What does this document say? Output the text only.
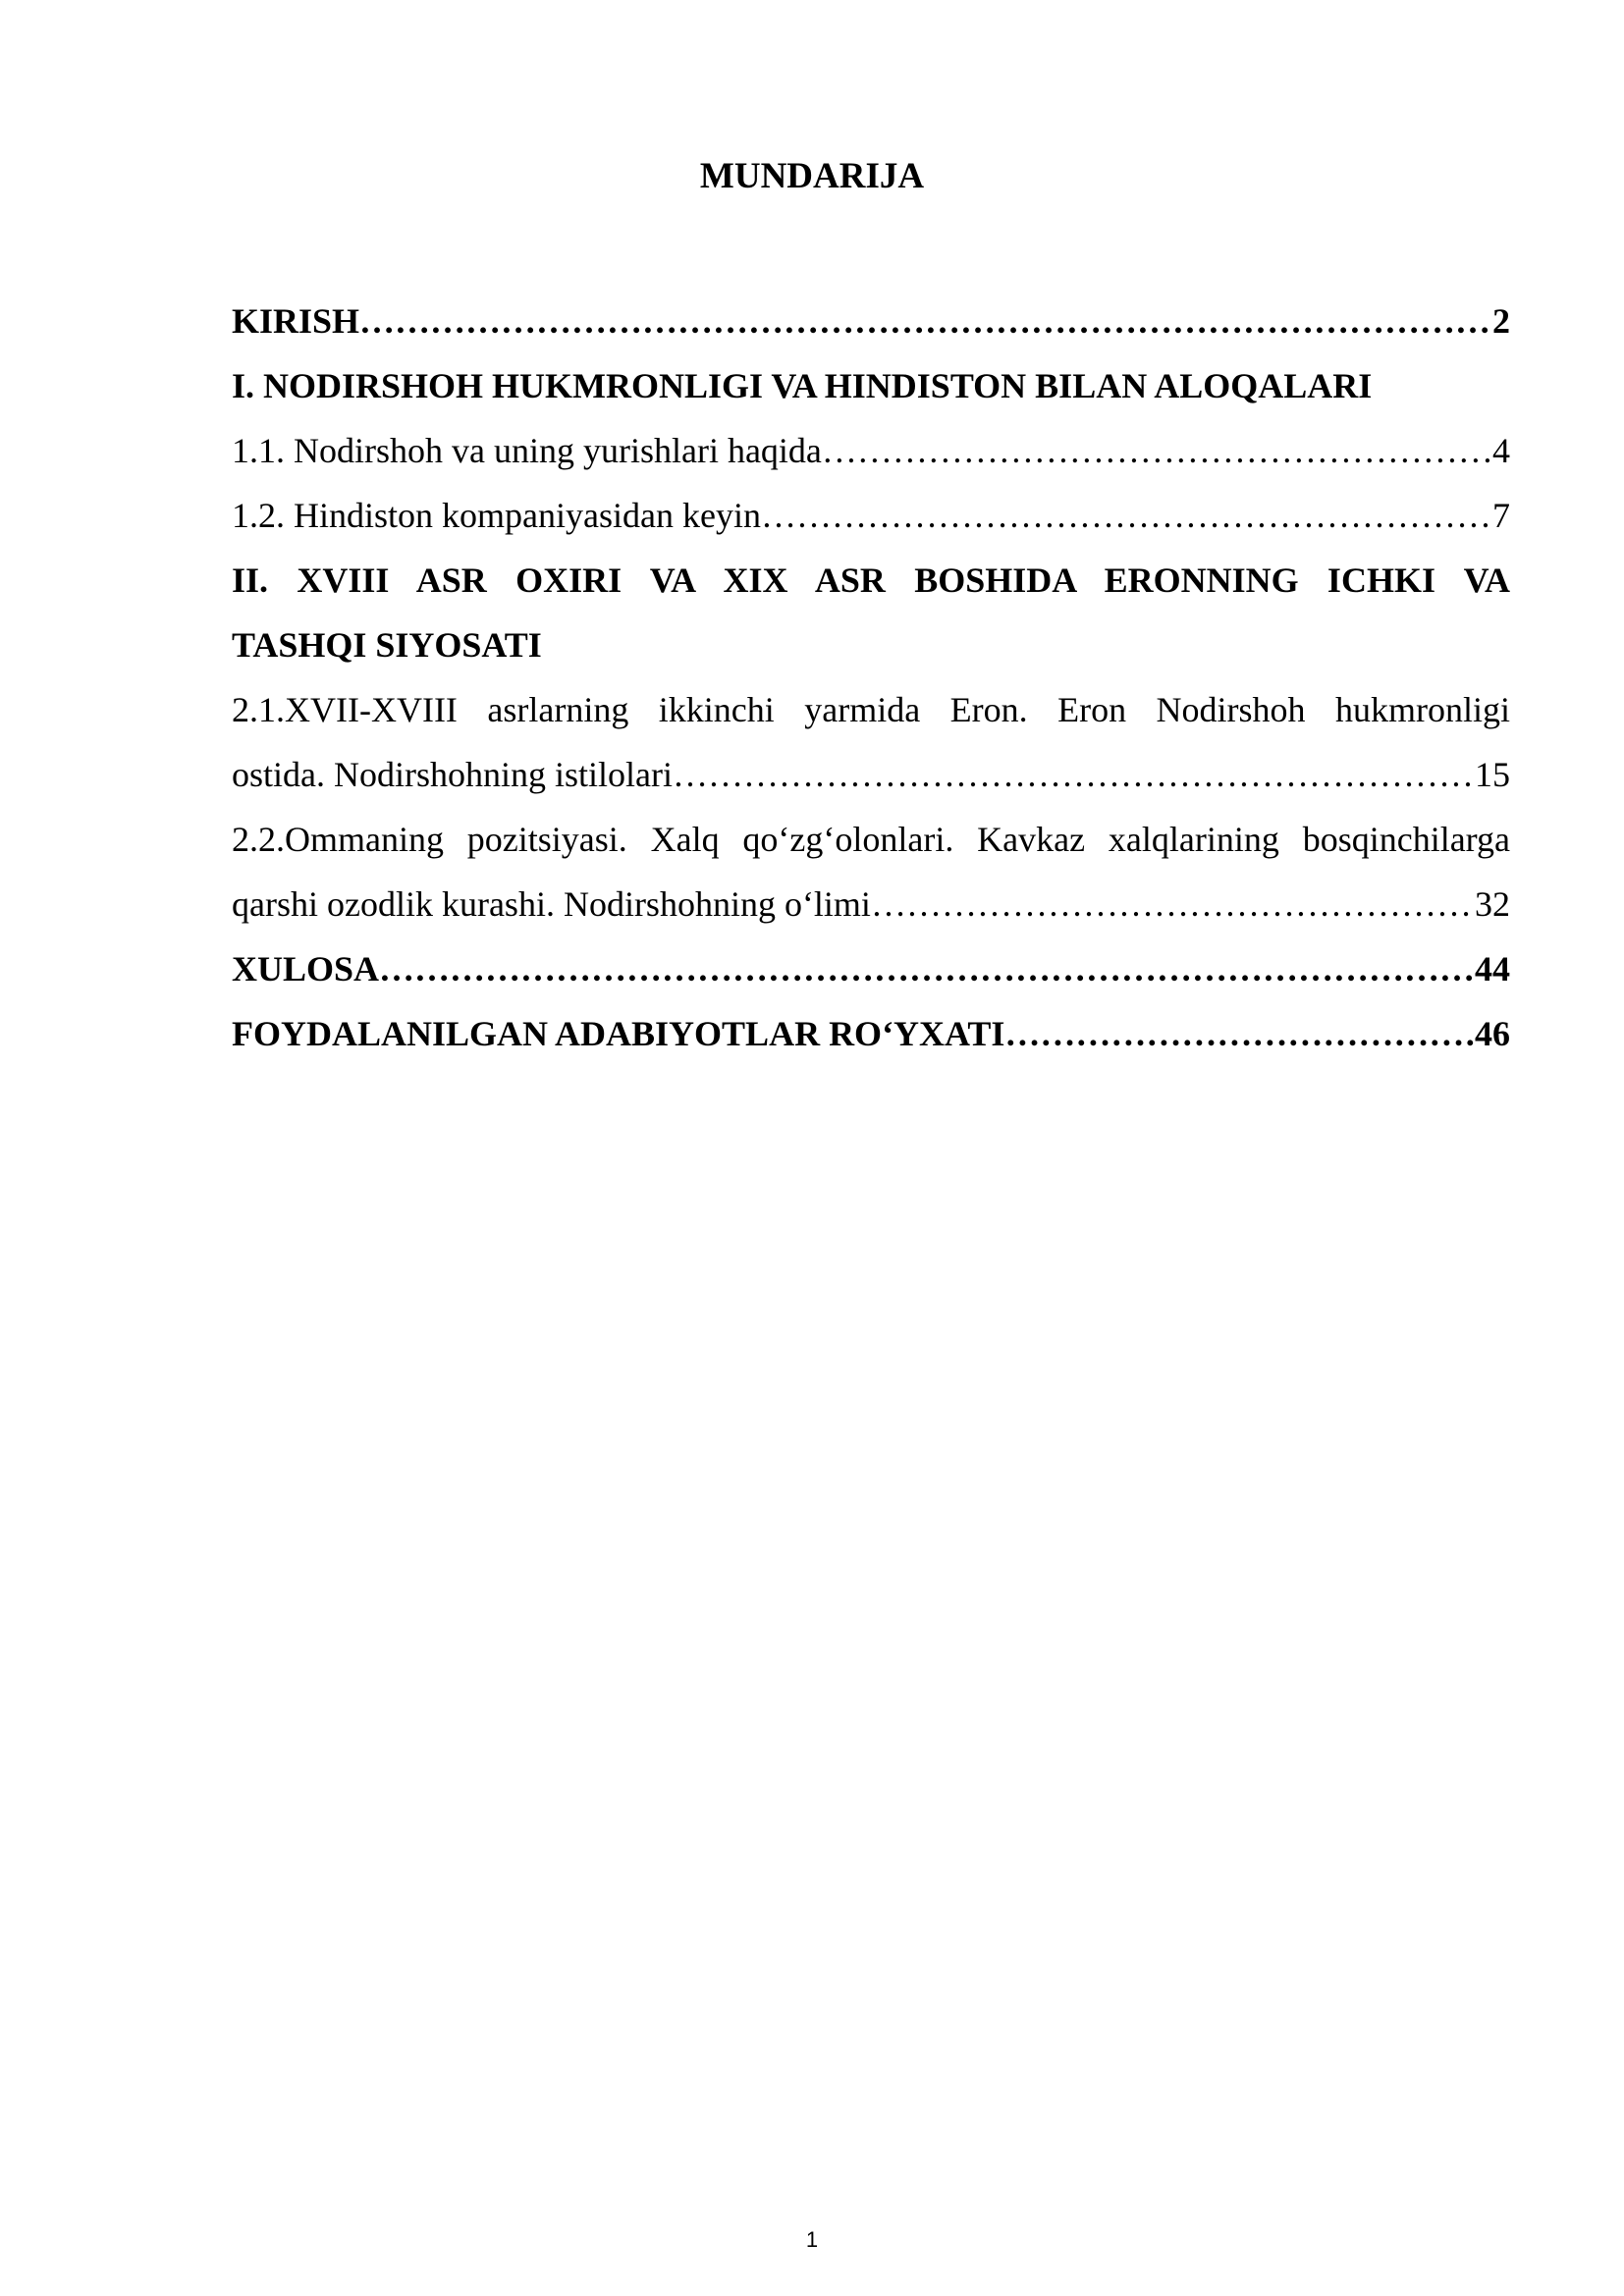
MUNDARIJA
KIRISH ……………………………………………………………………………………………………………………………………………………………………………………………………………	2
I. NODIRSHOH HUKMRONLIGI VA HINDISTON BILAN ALOQALARI
1.1. Nodirshoh va uning yurishlari haqida ……………………………………………………………………………………………………………………………………………………………………………………………………………	4
1.2. Hindiston kompaniyasidan keyin ……………………………………………………………………………………………………………………………………………………………………………………………………………	7
II. XVIII ASR OXIRI VA XIX ASR BOSHIDA ERONNING ICHKI VA
TASHQI SIYOSATI
2.1.XVII-XVIII asrlarning ikkinchi yarmida Eron. Eron Nodirshoh hukmronligi
ostida. Nodirshohning istilolari ……………………………………………………………………………………………………………………………………………………………………………………………………………	15
2.2.Ommaning pozitsiyasi. Xalq qo‘zg‘olonlari. Kavkaz xalqlarining bosqinchilarga
qarshi ozodlik kurashi. Nodirshohning o‘limi ……………………………………………………………………………………………………………………………………………………………………………………………………………	32
XULOSA ……………………………………………………………………………………………………………………………………………………………………………………………………………	44
FOYDALANILGAN ADABIYOTLAR RO‘YXATI ……………………………………………………………………………………………………………………………………………………………………………………………………………	46
1
